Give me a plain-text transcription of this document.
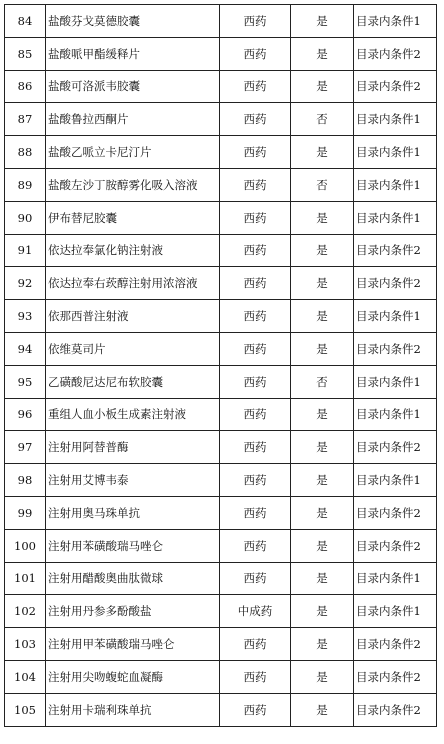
84	盐酸芬戈莫德胶囊	西药	是	目录内条件1
85	盐酸哌甲酯缓释片	西药	是	目录内条件2
86	盐酸可洛派韦胶囊	西药	是	目录内条件2
87	盐酸鲁拉西酮片	西药	否	目录内条件1
88	盐酸乙哌立卡尼汀片	西药	是	目录内条件1
89	盐酸左沙丁胺醇雾化吸入溶液	西药	否	目录内条件1
90	伊布替尼胶囊	西药	是	目录内条件1
91	依达拉奉氯化钠注射液	西药	是	目录内条件2
92	依达拉奉右莰醇注射用浓溶液	西药	是	目录内条件2
93	依那西普注射液	西药	是	目录内条件1
94	依维莫司片	西药	是	目录内条件2
95	乙磺酸尼达尼布软胶囊	西药	否	目录内条件1
96	重组人血小板生成素注射液	西药	是	目录内条件1
97	注射用阿替普酶	西药	是	目录内条件2
98	注射用艾博韦泰	西药	是	目录内条件1
99	注射用奥马珠单抗	西药	是	目录内条件2
100	注射用苯磺酸瑞马唑仑	西药	是	目录内条件2
101	注射用醋酸奥曲肽微球	西药	是	目录内条件1
102	注射用丹参多酚酸盐	中成药	是	目录内条件1
103	注射用甲苯磺酸瑞马唑仑	西药	是	目录内条件2
104	注射用尖吻蝮蛇血凝酶	西药	是	目录内条件2
105	注射用卡瑞利珠单抗	西药	是	目录内条件2
